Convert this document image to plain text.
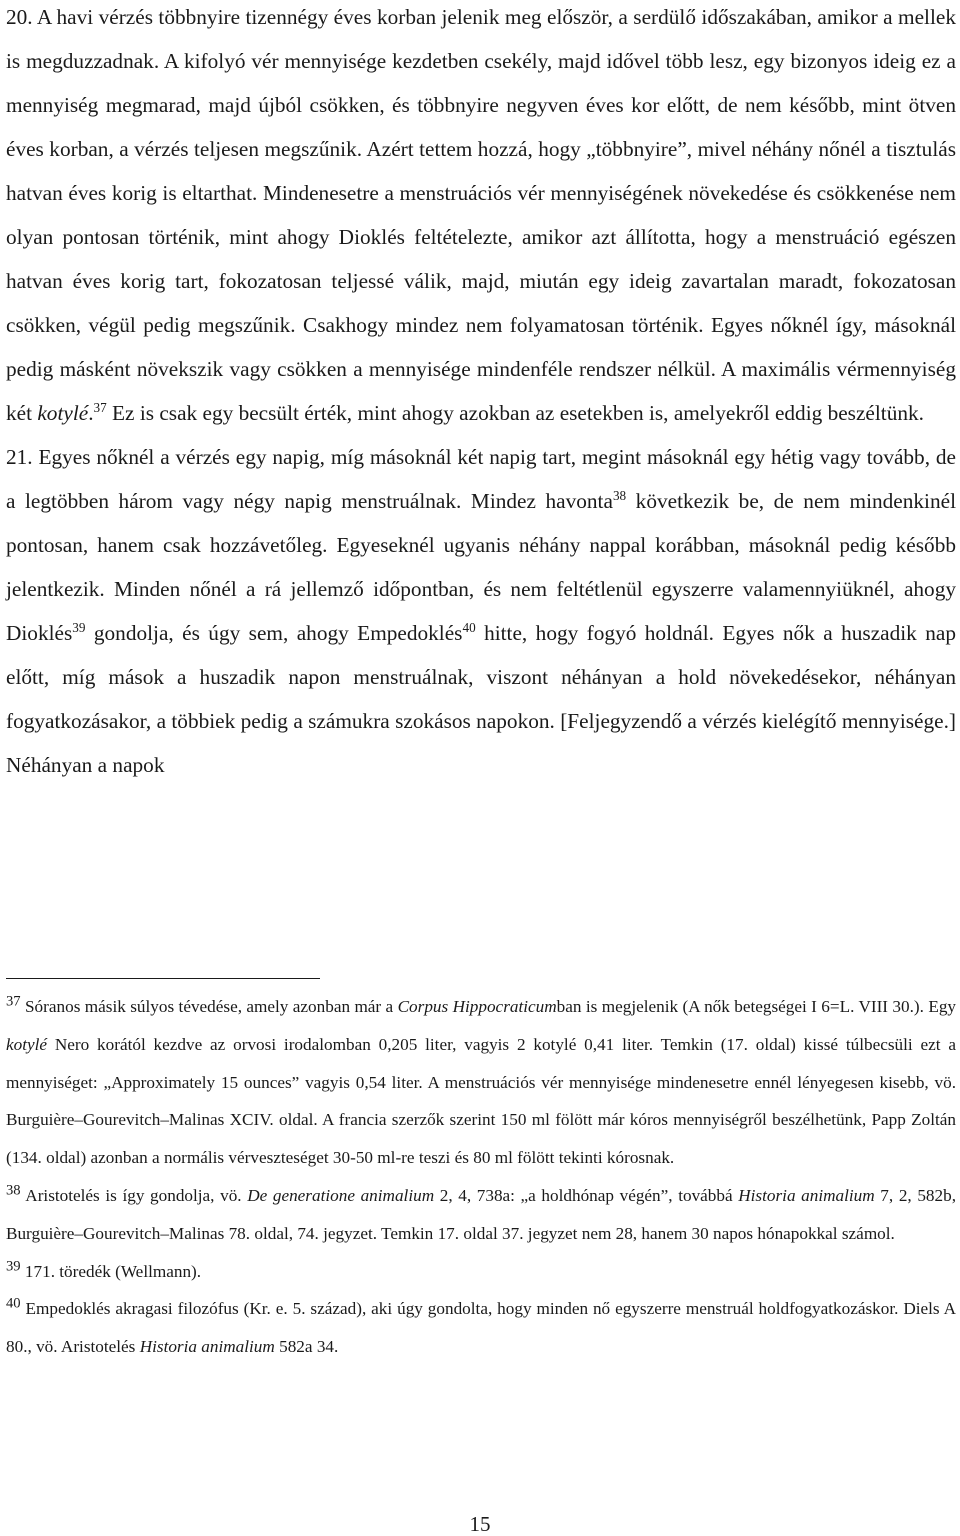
20. A havi vérzés többnyire tizennégy éves korban jelenik meg először, a serdülő időszakában, amikor a mellek is megduzzadnak. A kifolyó vér mennyisége kezdetben csekély, majd idővel több lesz, egy bizonyos ideig ez a mennyiség megmarad, majd újból csökken, és többnyire negyven éves kor előtt, de nem később, mint ötven éves korban, a vérzés teljesen megszűnik. Azért tettem hozzá, hogy „többnyire”, mivel néhány nőnél a tisztulás hatvan éves korig is eltarthat. Mindenesetre a menstruációs vér mennyiségének növekedése és csökkenése nem olyan pontosan történik, mint ahogy Dioklés feltételezte, amikor azt állította, hogy a menstruáció egészen hatvan éves korig tart, fokozatosan teljessé válik, majd, miután egy ideig zavartalan maradt, fokozatosan csökken, végül pedig megszűnik. Csakhogy mindez nem folyamatosan történik. Egyes nőknél így, másoknál pedig másként növekszik vagy csökken a mennyisége mindenféle rendszer nélkül. A maximális vérmennyiség két kotylé.$^{37}$ Ez is csak egy becsült érték, mint ahogy azokban az esetekben is, amelyekről eddig beszéltünk.

21. Egyes nőknél a vérzés egy napig, míg másoknál két napig tart, megint másoknál egy hétig vagy tovább, de a legtöbben három vagy négy napig menstruálnak. Mindez havonta$^{38}$ következik be, de nem mindenkinél pontosan, hanem csak hozzávetőleg. Egyeseknél ugyanis néhány nappal korábban, másoknál pedig később jelentkezik. Minden nőnél a rá jellemző időpontban, és nem feltétlenül egyszerre valamennyiüknél, ahogy Dioklés$^{39}$ gondolja, és úgy sem, ahogy Empedoklés$^{40}$ hitte, hogy fogyó holdnál. Egyes nők a huszadik nap előtt, míg mások a huszadik napon menstruálnak, viszont néhányan a hold növekedésekor, néhányan fogyatkozásakor, a többiek pedig a számukra szokásos napokon. [Feljegyzendő a vérzés kielégítő mennyisége.] Néhányan a napok

$^{37}$ Sóranos másik súlyos tévedése, amely azonban már a Corpus Hippocraticumban is megjelenik (A nők betegségei I 6=L. VIII 30.). Egy kotylé Nero korától kezdve az orvosi irodalomban 0,205 liter, vagyis 2 kotylé 0,41 liter. Temkin (17. oldal) kissé túlbecsüli ezt a mennyiséget: „Approximately 15 ounces” vagyis 0,54 liter. A menstruációs vér mennyisége mindenesetre ennél lényegesen kisebb, vö. Burguière–Gourevitch–Malinas XCIV. oldal. A francia szerzők szerint 150 ml fölött már kóros mennyiségről beszélhetünk, Papp Zoltán (134. oldal) azonban a normális vérveszteséget 30-50 ml-re teszi és 80 ml fölött tekinti kórosnak.

$^{38}$ Aristotelés is így gondolja, vö. De generatione animalium 2, 4, 738a: „a holdhónap végén”, továbbá Historia animalium 7, 2, 582b, Burguière–Gourevitch–Malinas 78. oldal, 74. jegyzet. Temkin 17. oldal 37. jegyzet nem 28, hanem 30 napos hónapokkal számol.

$^{39}$ 171. töredék (Wellmann).

$^{40}$ Empedoklés akragasi filozófus (Kr. e. 5. század), aki úgy gondolta, hogy minden nő egyszerre menstruál holdfogyatkozáskor. Diels A 80., vö. Aristotelés Historia animalium 582a 34.

15
